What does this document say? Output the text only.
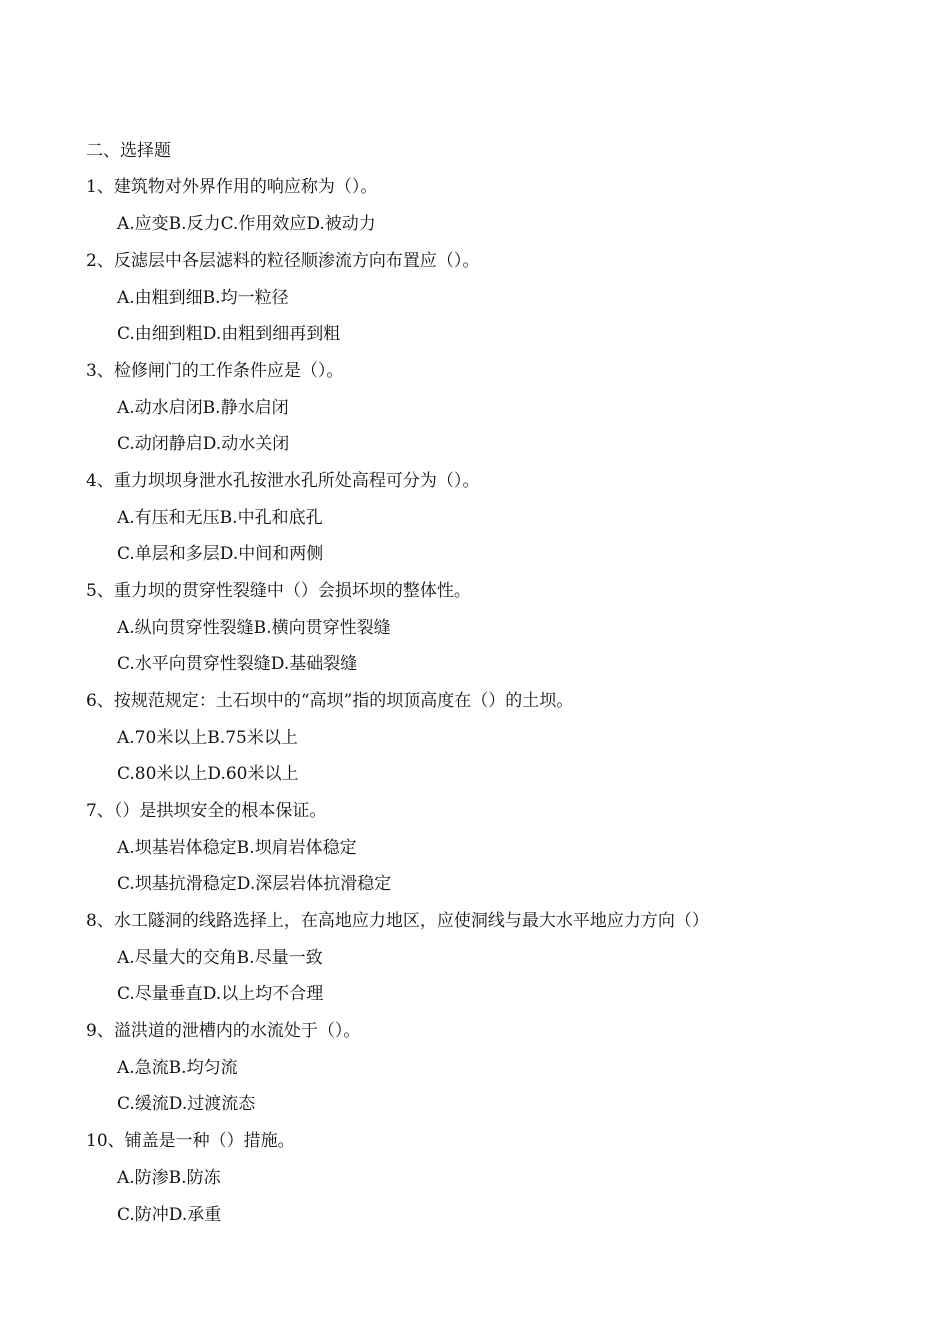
二、选择题
1、建筑物对外界作用的响应称为（）。
A.应变B.反力C.作用效应D.被动力
2、反滤层中各层滤料的粒径顺渗流方向布置应（）。
A.由粗到细B.均一粒径
C.由细到粗D.由粗到细再到粗
3、检修闸门的工作条件应是（）。
A.动水启闭B.静水启闭
C.动闭静启D.动水关闭
4、重力坝坝身泄水孔按泄水孔所处高程可分为（）。
A.有压和无压B.中孔和底孔
C.单层和多层D.中间和两侧
5、重力坝的贯穿性裂缝中（）会损坏坝的整体性。
A.纵向贯穿性裂缝B.横向贯穿性裂缝
C.水平向贯穿性裂缝D.基础裂缝
6、按规范规定：土石坝中的“高坝”指的坝顶高度在（）的土坝。
A.70米以上B.75米以上
C.80米以上D.60米以上
7、（）是拱坝安全的根本保证。
A.坝基岩体稳定B.坝肩岩体稳定
C.坝基抗滑稳定D.深层岩体抗滑稳定
8、水工隧洞的线路选择上，在高地应力地区，应使洞线与最大水平地应力方向（）
A.尽量大的交角B.尽量一致
C.尽量垂直D.以上均不合理
9、溢洪道的泄槽内的水流处于（）。
A.急流B.均匀流
C.缓流D.过渡流态
10、铺盖是一种（）措施。
A.防渗B.防冻
C.防冲D.承重
